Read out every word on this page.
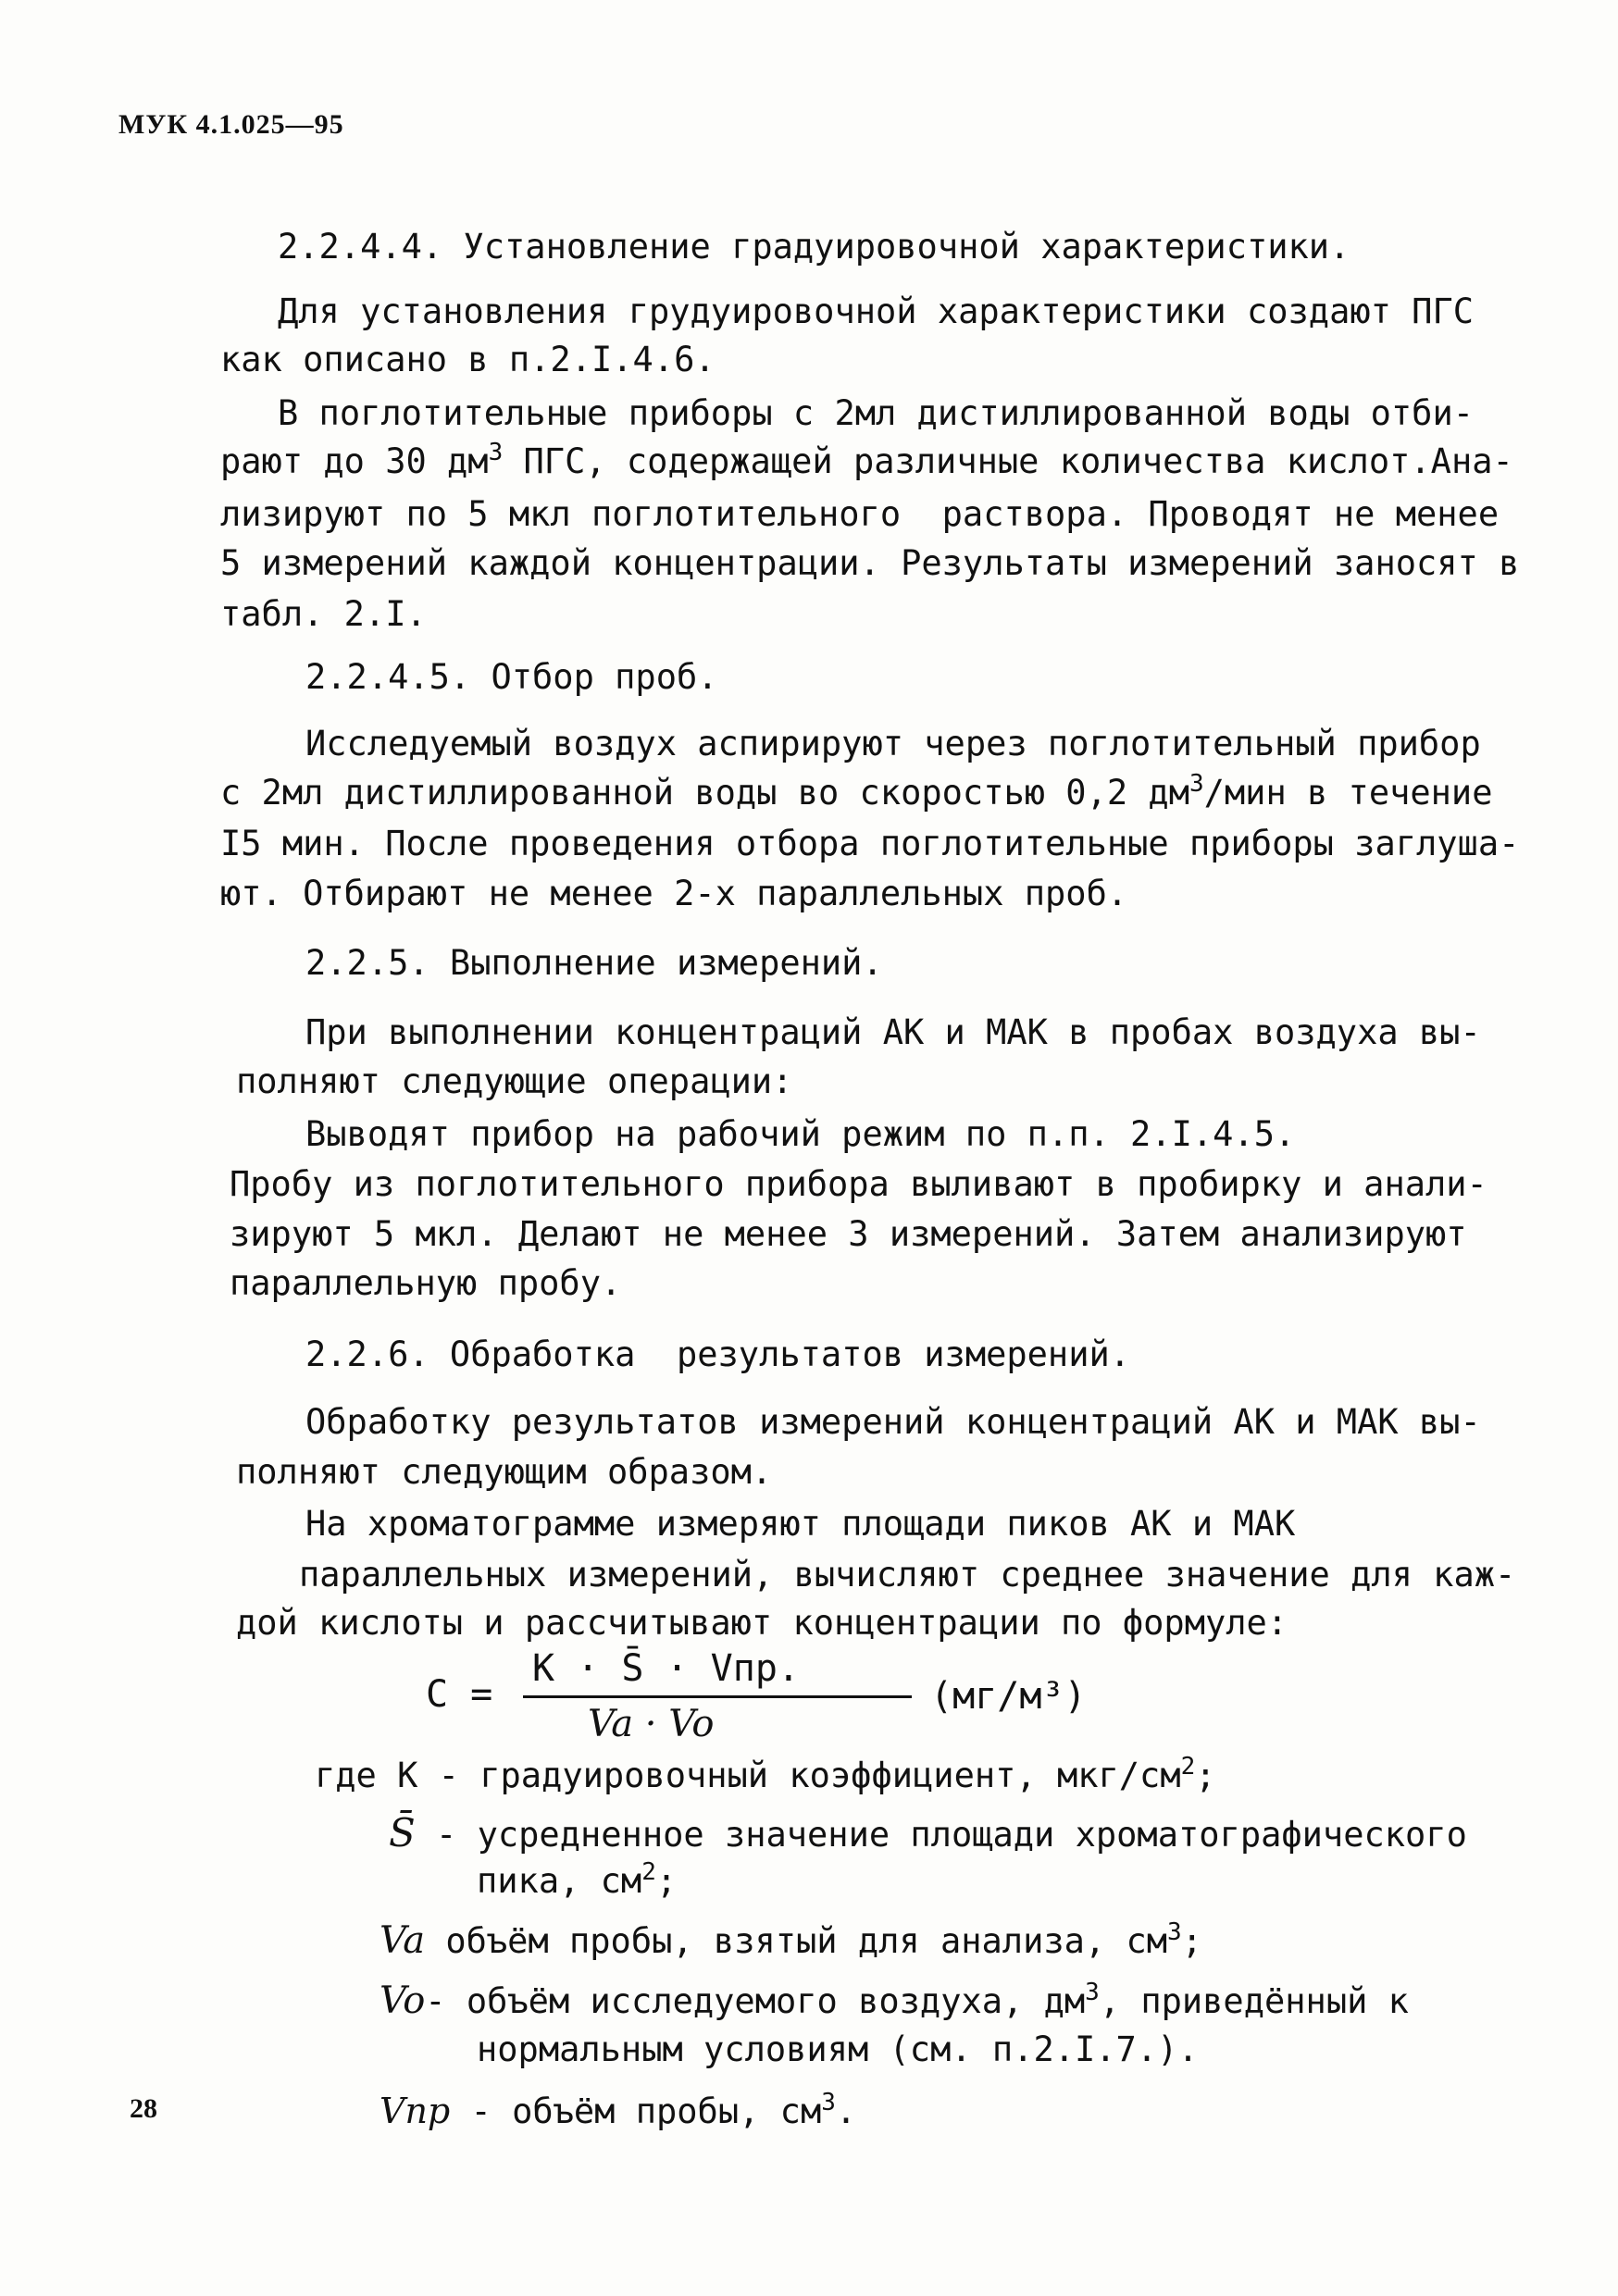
МУК 4.1.025—95
2.2.4.4. Установление градуировочной характеристики.
Для установления грудуировочной характеристики создают ПГС
как описано в п.2.I.4.6.
В поглотительные приборы с 2мл дистиллированной воды отби-
рают до 30 $дм^3$ ПГС, содержащей различные количества кислот.Ана-
лизируют по 5 мкл поглотительного  раствора. Проводят не менее
5 измерений каждой концентрации. Результаты измерений заносят в
табл. 2.I.
2.2.4.5. Отбор проб.
Исследуемый воздух аспирируют через поглотительный прибор
с 2мл дистиллированной воды во скоростью 0,2 $дм^3$/мин в течение
I5 мин. После проведения отбора поглотительные приборы заглуша-
ют. Отбирают не менее 2-х параллельных проб.
2.2.5. Выполнение измерений.
При выполнении концентраций АК и МАК в пробах воздуха вы-
полняют следующие операции:
Выводят прибор на рабочий режим по п.п. 2.I.4.5.
Пробу из поглотительного прибора выливают в пробирку и анали-
зируют 5 мкл. Делают не менее 3 измерений. Затем анализируют
параллельную пробу.
2.2.6. Обработка  результатов измерений.
Обработку результатов измерений концентраций АК и МАК вы-
полняют следующим образом.
На хроматограмме измеряют площади пиков АК и МАК
параллельных измерений, вычисляют среднее значение для каж-
дой кислоты и рассчитывают концентрации по формуле:
C =
K · S̄ · Vпр.
Va · Vo
(мг/м³)
где K - градуировочный коэффициент, мкг/$см^2$;
S̄ - усредненное значение площади хроматографического
пика, $см^2$;
Va объём пробы, взятый для анализа, $см^3$;
Vo- объём исследуемого воздуха, $дм^3$, приведённый к
нормальным условиям (см. п.2.I.7.).
Vпр - объём пробы, $см^3$.
28
